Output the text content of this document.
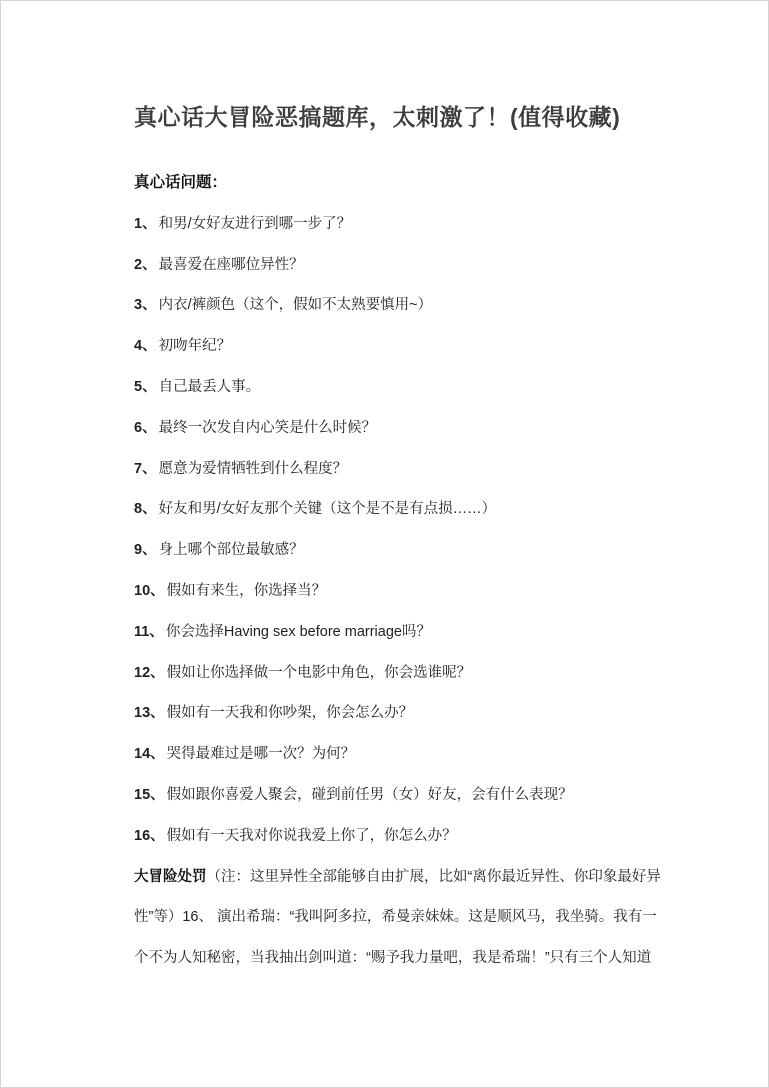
真心话大冒险恶搞题库，太刺激了！(值得收藏)
真心话问题：

1、 和男/女好友进行到哪一步了？

2、 最喜爱在座哪位异性？

3、 内衣/裤颜色（这个，假如不太熟要慎用~）

4、 初吻年纪？

5、 自己最丢人事。

6、 最终一次发自内心笑是什么时候？

7、 愿意为爱情牺牲到什么程度？

8、 好友和男/女好友那个关键（这个是不是有点损……）

9、 身上哪个部位最敏感？

10、 假如有来生，你选择当？

11、 你会选择Having sex before marriage吗？

12、 假如让你选择做一个电影中角色，你会选谁呢？

13、 假如有一天我和你吵架，你会怎么办？

14、 哭得最难过是哪一次？为何？

15、 假如跟你喜爱人聚会，碰到前任男（女）好友，会有什么表现？

16、 假如有一天我对你说我爱上你了，你怎么办？

大冒险处罚（注：这里异性全部能够自由扩展，比如“离你最近异性、你印象最好异
性”等）16、 演出希瑞：“我叫阿多拉，希曼亲妹妹。这是顺风马，我坐骑。我有一
个不为人知秘密，当我抽出剑叫道：“赐予我力量吧，我是希瑞！”只有三个人知道
